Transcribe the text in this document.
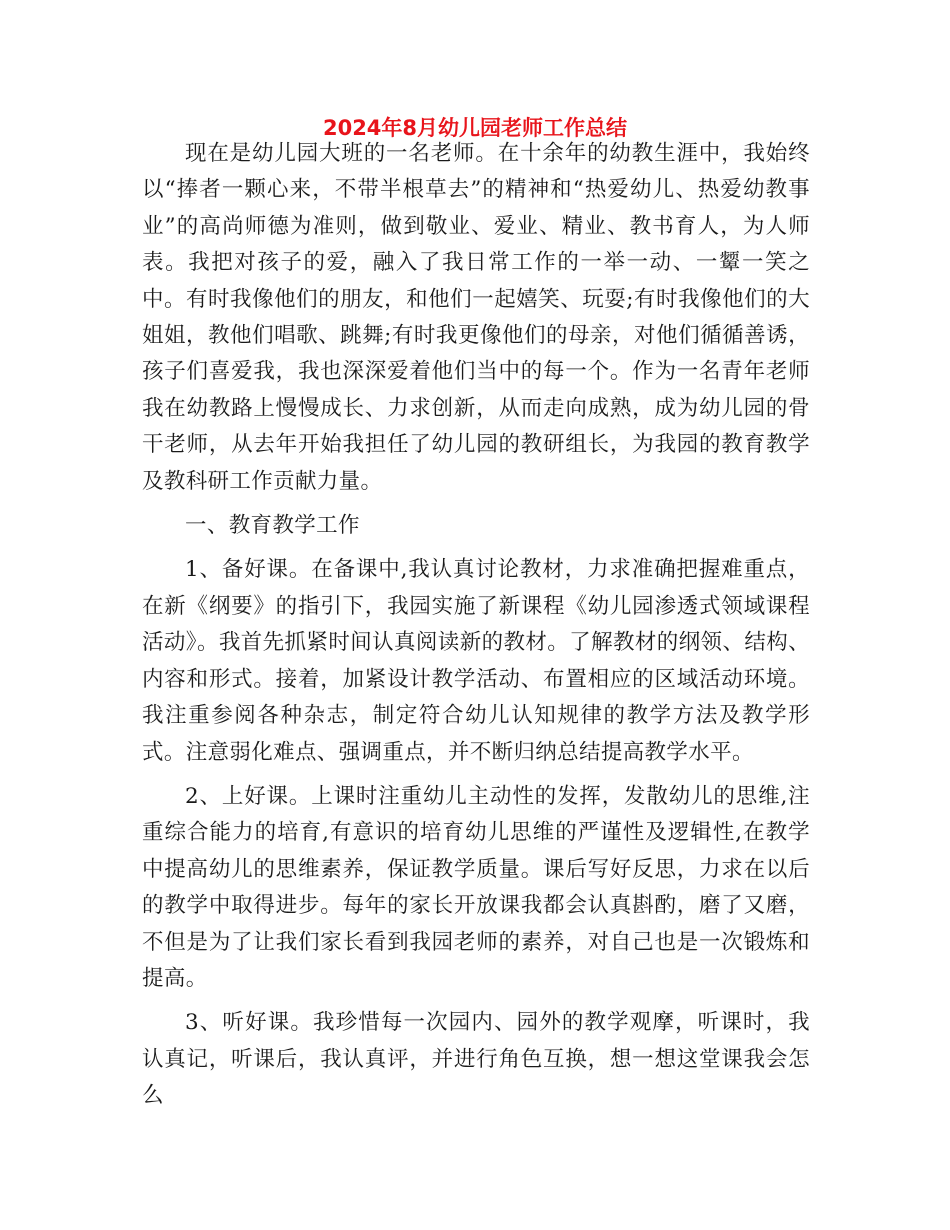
2024年8月幼儿园老师工作总结

现在是幼儿园大班的一名老师。在十余年的幼教生涯中，我始终以“捧者一颗心来，不带半根草去”的精神和“热爱幼儿、热爱幼教事业”的高尚师德为准则，做到敬业、爱业、精业、教书育人，为人师表。我把对孩子的爱，融入了我日常工作的一举一动、一颦一笑之中。有时我像他们的朋友，和他们一起嬉笑、玩耍;有时我像他们的大姐姐，教他们唱歌、跳舞;有时我更像他们的母亲，对他们循循善诱，孩子们喜爱我，我也深深爱着他们当中的每一个。作为一名青年老师我在幼教路上慢慢成长、力求创新，从而走向成熟，成为幼儿园的骨干老师，从去年开始我担任了幼儿园的教研组长，为我园的教育教学及教科研工作贡献力量。

一、教育教学工作

1、备好课。在备课中,我认真讨论教材，力求准确把握难重点，在新《纲要》的指引下，我园实施了新课程《幼儿园渗透式领域课程活动》。我首先抓紧时间认真阅读新的教材。了解教材的纲领、结构、内容和形式。接着，加紧设计教学活动、布置相应的区域活动环境。我注重参阅各种杂志，制定符合幼儿认知规律的教学方法及教学形式。注意弱化难点、强调重点，并不断归纳总结提高教学水平。

2、上好课。上课时注重幼儿主动性的发挥，发散幼儿的思维,注重综合能力的培育,有意识的培育幼儿思维的严谨性及逻辑性,在教学中提高幼儿的思维素养，保证教学质量。课后写好反思，力求在以后的教学中取得进步。每年的家长开放课我都会认真斟酌，磨了又磨，不但是为了让我们家长看到我园老师的素养，对自己也是一次锻炼和提高。

3、听好课。我珍惜每一次园内、园外的教学观摩，听课时，我认真记，听课后，我认真评，并进行角色互换，想一想这堂课我会怎么
